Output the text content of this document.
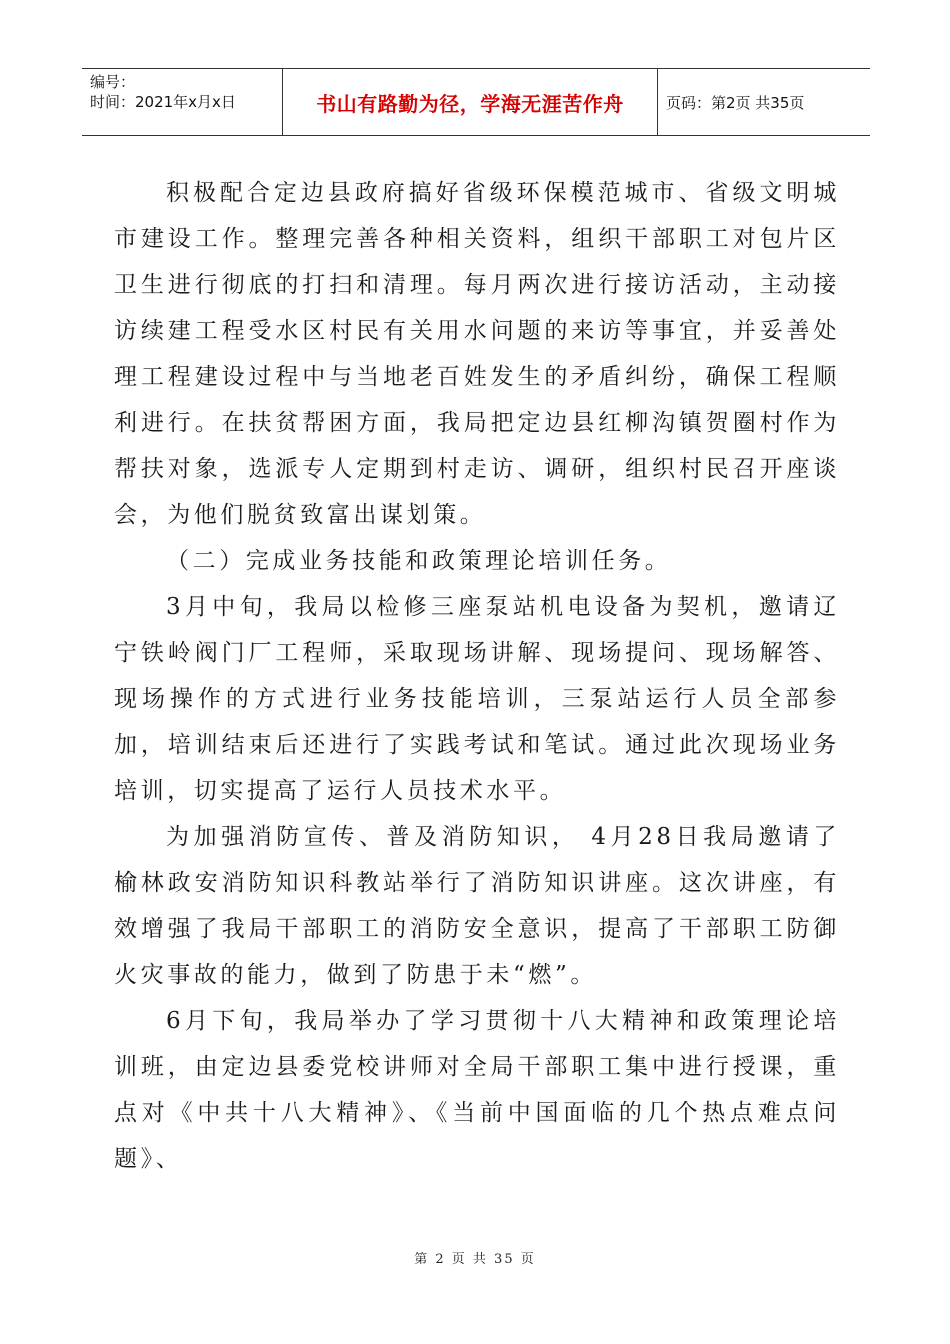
编号：
时间：2021年x月x日	书山有路勤为径，学海无涯苦作舟	页码：第2页 共35页

积极配合定边县政府搞好省级环保模范城市、省级文明城市建设工作。整理完善各种相关资料，组织干部职工对包片区卫生进行彻底的打扫和清理。每月两次进行接访活动，主动接访续建工程受水区村民有关用水问题的来访等事宜，并妥善处理工程建设过程中与当地老百姓发生的矛盾纠纷，确保工程顺利进行。在扶贫帮困方面，我局把定边县红柳沟镇贺圈村作为帮扶对象，选派专人定期到村走访、调研，组织村民召开座谈会，为他们脱贫致富出谋划策。

（二）完成业务技能和政策理论培训任务。

3月中旬，我局以检修三座泵站机电设备为契机，邀请辽宁铁岭阀门厂工程师，采取现场讲解、现场提问、现场解答、现场操作的方式进行业务技能培训，三泵站运行人员全部参加，培训结束后还进行了实践考试和笔试。通过此次现场业务培训，切实提高了运行人员技术水平。

为加强消防宣传、普及消防知识， 4月28日我局邀请了榆林政安消防知识科教站举行了消防知识讲座。这次讲座，有效增强了我局干部职工的消防安全意识，提高了干部职工防御火灾事故的能力，做到了防患于未“燃”。

6月下旬，我局举办了学习贯彻十八大精神和政策理论培训班，由定边县委党校讲师对全局干部职工集中进行授课，重点对《中共十八大精神》、《当前中国面临的几个热点难点问题》、

第 2 页 共 35 页
